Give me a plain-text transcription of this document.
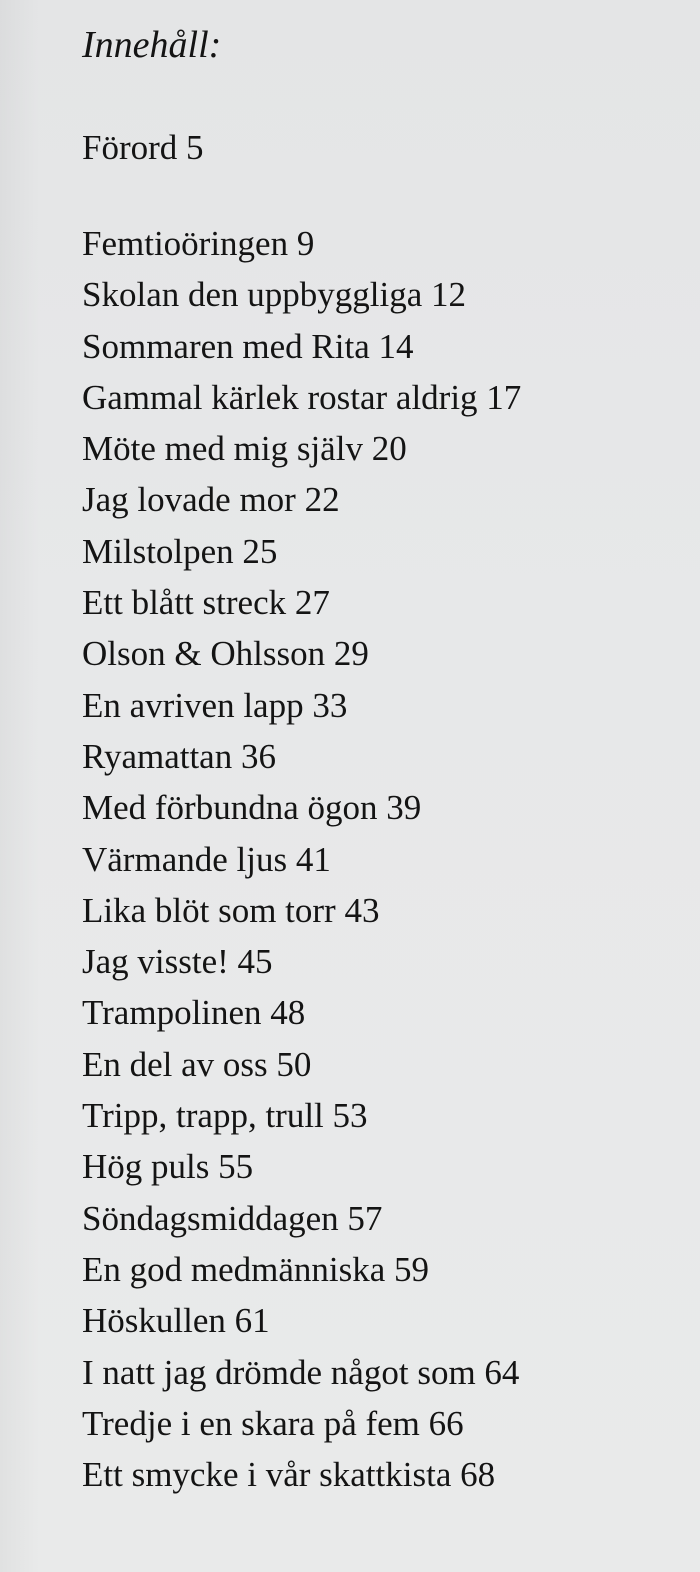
Innehåll:
Förord 5
Femtioöringen 9
Skolan den uppbyggliga 12
Sommaren med Rita 14
Gammal kärlek rostar aldrig 17
Möte med mig själv 20
Jag lovade mor 22
Milstolpen 25
Ett blått streck 27
Olson & Ohlsson 29
En avriven lapp 33
Ryamattan 36
Med förbundna ögon 39
Värmande ljus 41
Lika blöt som torr 43
Jag visste! 45
Trampolinen 48
En del av oss 50
Tripp, trapp, trull 53
Hög puls 55
Söndagsmiddagen 57
En god medmänniska 59
Höskullen 61
I natt jag drömde något som 64
Tredje i en skara på fem 66
Ett smycke i vår skattkista 68
